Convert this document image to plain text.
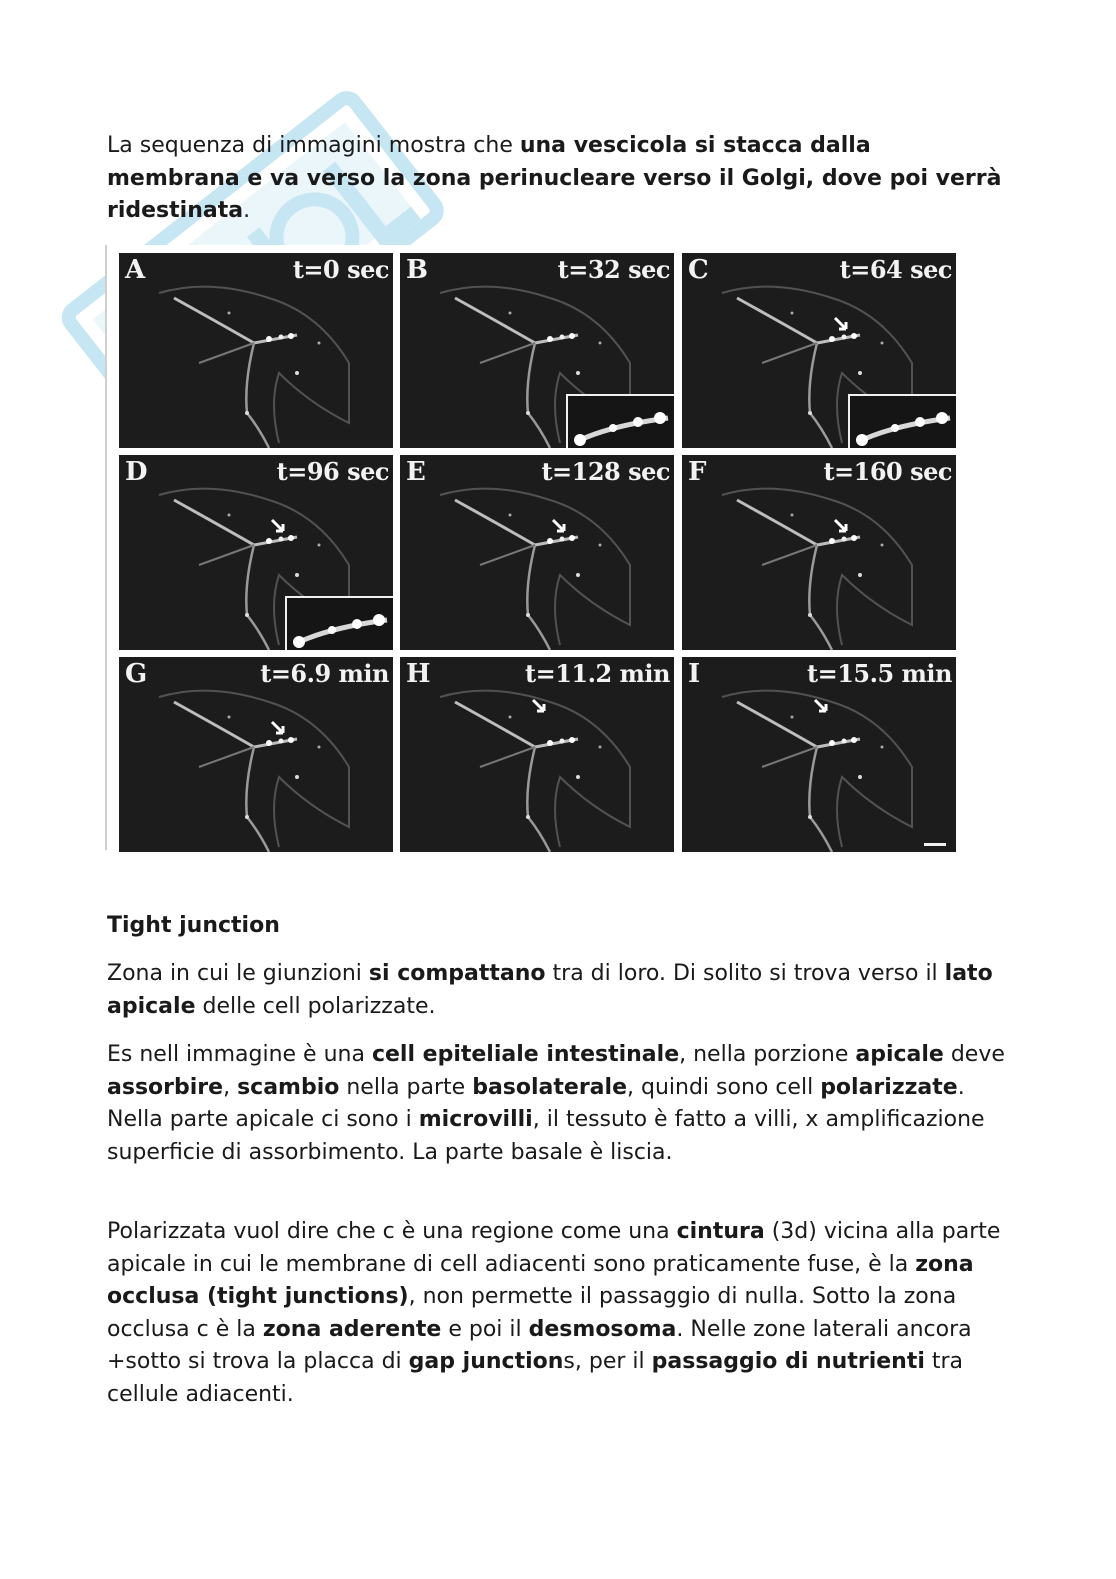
La sequenza di immagini mostra che una vescicola si stacca dalla membrana e va verso la zona perinucleare verso il Golgi, dove poi verrà ridestinata.

A	t=0 sec B	t=32 sec C	t=64 sec
D	t=96 sec E	t=128 sec F	t=160 sec
G	t=6.9 min H	t=11.2 min I	t=15.5 min
Tight junction

Zona in cui le giunzioni si compattano tra di loro. Di solito si trova verso il lato apicale delle cell polarizzate.

Es nell immagine è una cell epiteliale intestinale, nella porzione apicale deve assorbire, scambio nella parte basolaterale, quindi sono cell polarizzate. Nella parte apicale ci sono i microvilli, il tessuto è fatto a villi, x amplificazione superficie di assorbimento. La parte basale è liscia.

Polarizzata vuol dire che c è una regione come una cintura (3d) vicina alla parte apicale in cui le membrane di cell adiacenti sono praticamente fuse, è la zona occlusa (tight junctions), non permette il passaggio di nulla. Sotto la zona occlusa c è la zona aderente e poi il desmosoma. Nelle zone laterali ancora +sotto si trova la placca di gap junctions, per il passaggio di nutrienti tra cellule adiacenti.
